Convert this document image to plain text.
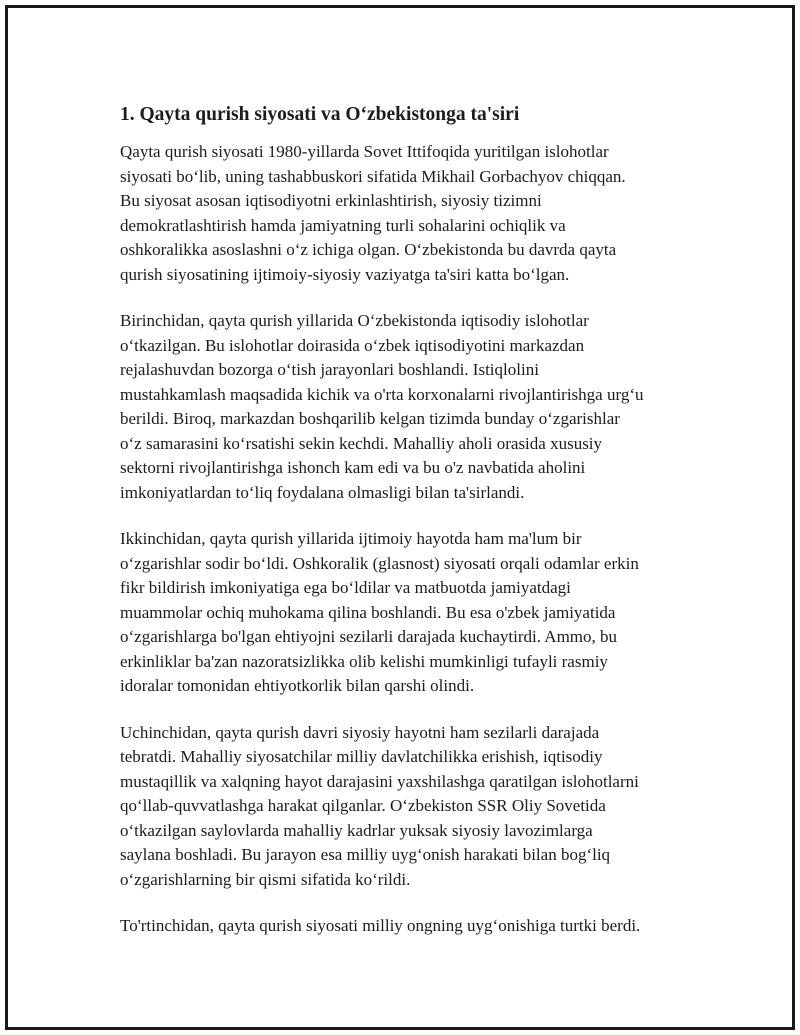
1. Qayta qurish siyosati va O‘zbekistonga ta'siri

Qayta qurish siyosati 1980-yillarda Sovet Ittifoqida yuritilgan islohotlar
siyosati bo‘lib, uning tashabbuskori sifatida Mikhail Gorbachyov chiqqan.
Bu siyosat asosan iqtisodiyotni erkinlashtirish, siyosiy tizimni
demokratlashtirish hamda jamiyatning turli sohalarini ochiqlik va
oshkoralikka asoslashni o‘z ichiga olgan. O‘zbekistonda bu davrda qayta
qurish siyosatining ijtimoiy-siyosiy vaziyatga ta'siri katta bo‘lgan.

Birinchidan, qayta qurish yillarida O‘zbekistonda iqtisodiy islohotlar
o‘tkazilgan. Bu islohotlar doirasida o‘zbek iqtisodiyotini markazdan
rejalashuvdan bozorga o‘tish jarayonlari boshlandi. Istiqlolini
mustahkamlash maqsadida kichik va o'rta korxonalarni rivojlantirishga urg‘u
berildi. Biroq, markazdan boshqarilib kelgan tizimda bunday o‘zgarishlar
o‘z samarasini ko‘rsatishi sekin kechdi. Mahalliy aholi orasida xususiy
sektorni rivojlantirishga ishonch kam edi va bu o'z navbatida aholini
imkoniyatlardan to‘liq foydalana olmasligi bilan ta'sirlandi.

Ikkinchidan, qayta qurish yillarida ijtimoiy hayotda ham ma'lum bir
o‘zgarishlar sodir bo‘ldi. Oshkoralik (glasnost) siyosati orqali odamlar erkin
fikr bildirish imkoniyatiga ega bo‘ldilar va matbuotda jamiyatdagi
muammolar ochiq muhokama qilina boshlandi. Bu esa o'zbek jamiyatida
o‘zgarishlarga bo'lgan ehtiyojni sezilarli darajada kuchaytirdi. Ammo, bu
erkinliklar ba'zan nazoratsizlikka olib kelishi mumkinligi tufayli rasmiy
idoralar tomonidan ehtiyotkorlik bilan qarshi olindi.

Uchinchidan, qayta qurish davri siyosiy hayotni ham sezilarli darajada
tebratdi. Mahalliy siyosatchilar milliy davlatchilikka erishish, iqtisodiy
mustaqillik va xalqning hayot darajasini yaxshilashga qaratilgan islohotlarni
qo‘llab-quvvatlashga harakat qilganlar. O‘zbekiston SSR Oliy Sovetida
o‘tkazilgan saylovlarda mahalliy kadrlar yuksak siyosiy lavozimlarga
saylana boshladi. Bu jarayon esa milliy uyg‘onish harakati bilan bog‘liq
o‘zgarishlarning bir qismi sifatida ko‘rildi.

To'rtinchidan, qayta qurish siyosati milliy ongning uyg‘onishiga turtki berdi.
